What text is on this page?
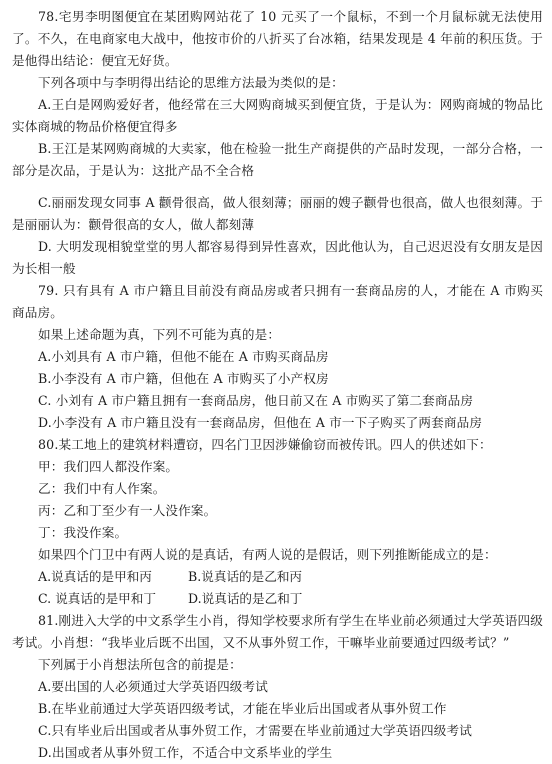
78.宅男李明图便宜在某团购网站花了 10 元买了一个鼠标，不到一个月鼠标就无法使用了。不久，在电商家电大战中，他按市价的八折买了台冰箱，结果发现是 4 年前的积压货。于是他得出结论：便宜无好货。

下列各项中与李明得出结论的思维方法最为类似的是：

A.王白是网购爱好者，他经常在三大网购商城买到便宜货，于是认为：网购商城的物品比实体商城的物品价格便宜得多

B.王江是某网购商城的大卖家，他在检验一批生产商提供的产品时发现，一部分合格，一部分是次品，于是认为：这批产品不全合格

C.丽丽发现女同事 A 颧骨很高，做人很刻薄；丽丽的嫂子颧骨也很高，做人也很刻薄。于是丽丽认为：颧骨很高的女人，做人都刻薄

D. 大明发现相貌堂堂的男人都容易得到异性喜欢，因此他认为，自己迟迟没有女朋友是因为长相一般

79. 只有具有 A 市户籍且目前没有商品房或者只拥有一套商品房的人，才能在 A 市购买商品房。

如果上述命题为真，下列不可能为真的是：

A.小刘具有 A 市户籍，但他不能在 A 市购买商品房

B.小李没有 A 市户籍，但他在 A 市购买了小产权房

C. 小刘有 A 市户籍且拥有一套商品房，他日前又在 A 市购买了第二套商品房

D.小李没有 A 市户籍且没有一套商品房，但他在 A 市一下子购买了两套商品房

80.某工地上的建筑材料遭窃，四名门卫因涉嫌偷窃而被传讯。四人的供述如下：

甲：我们四人都没作案。

乙：我们中有人作案。

丙：乙和丁至少有一人没作案。

丁：我没作案。

如果四个门卫中有两人说的是真话，有两人说的是假话，则下列推断能成立的是：

A.说真话的是甲和丙	B.说真话的是乙和丙
C. 说真话的是甲和丁	D.说真话的是乙和丁

81.刚进入大学的中文系学生小肖，得知学校要求所有学生在毕业前必须通过大学英语四级考试。小肖想：“我毕业后既不出国，又不从事外贸工作，干嘛毕业前要通过四级考试？”

下列属于小肖想法所包含的前提是：

A.要出国的人必须通过大学英语四级考试

B.在毕业前通过大学英语四级考试，才能在毕业后出国或者从事外贸工作

C.只有毕业后出国或者从事外贸工作，才需要在毕业前通过大学英语四级考试

D.出国或者从事外贸工作，不适合中文系毕业的学生
